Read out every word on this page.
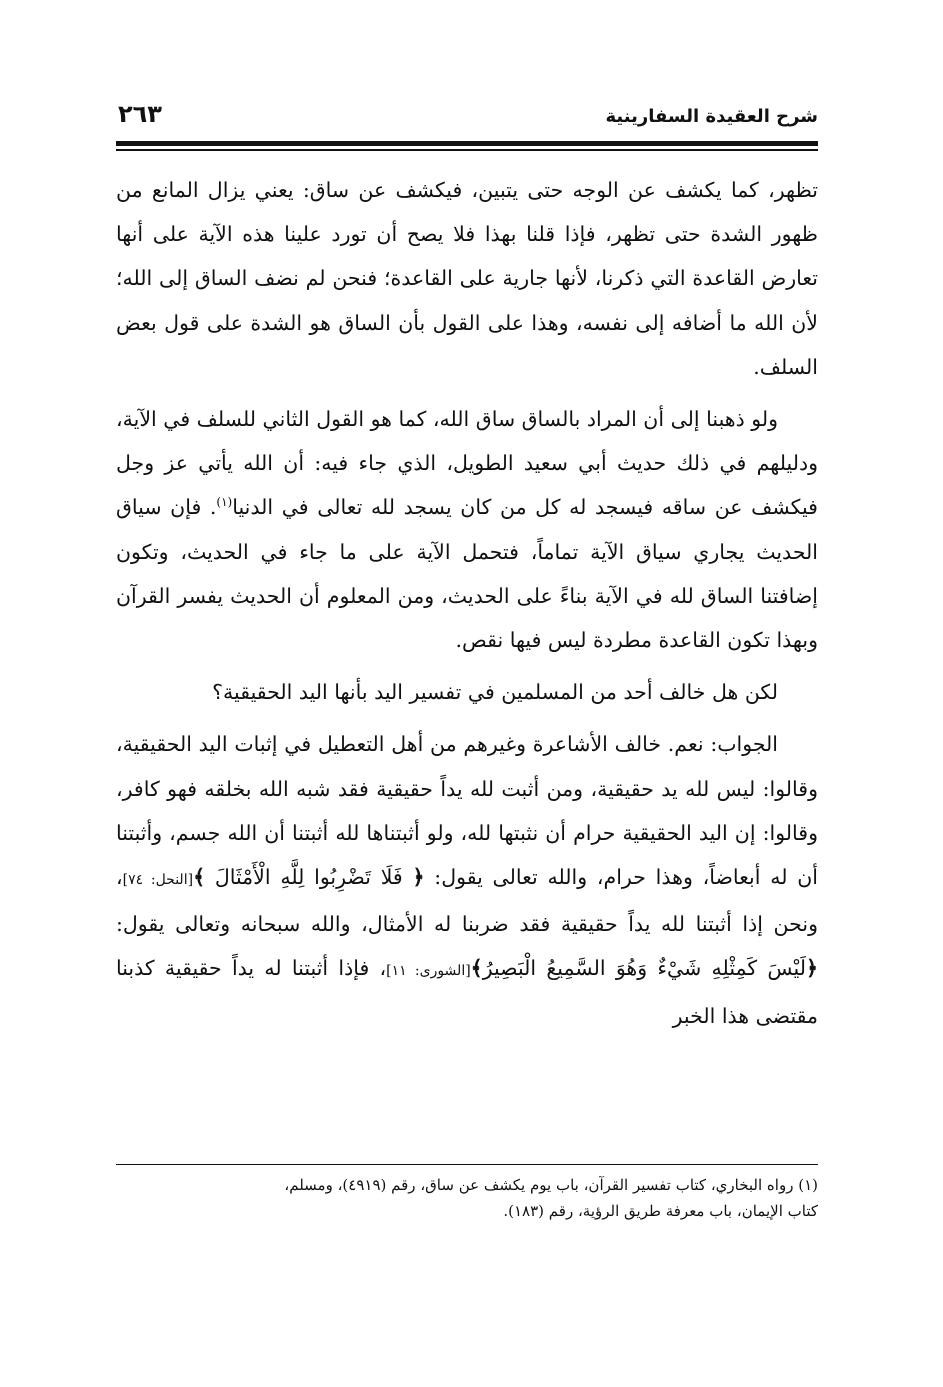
شرح العقيدة السفارينية
٢٦٣

تظهر، كما يكشف عن الوجه حتى يتبين، فيكشف عن ساق: يعني يزال المانع من ظهور الشدة حتى تظهر، فإذا قلنا بهذا فلا يصح أن تورد علينا هذه الآية على أنها تعارض القاعدة التي ذكرنا، لأنها جارية على القاعدة؛ فنحن لم نضف الساق إلى الله؛ لأن الله ما أضافه إلى نفسه، وهذا على القول بأن الساق هو الشدة على قول بعض السلف.

ولو ذهبنا إلى أن المراد بالساق ساق الله، كما هو القول الثاني للسلف في الآية، ودليلهم في ذلك حديث أبي سعيد الطويل، الذي جاء فيه: أن الله يأتي عز وجل فيكشف عن ساقه فيسجد له كل من كان يسجد لله تعالى في الدنيا$^{(١)}$. فإن سياق الحديث يجاري سياق الآية تماماً، فتحمل الآية على ما جاء في الحديث، وتكون إضافتنا الساق لله في الآية بناءً على الحديث، ومن المعلوم أن الحديث يفسر القرآن وبهذا تكون القاعدة مطردة ليس فيها نقص.

لكن هل خالف أحد من المسلمين في تفسير اليد بأنها اليد الحقيقية؟

الجواب: نعم. خالف الأشاعرة وغيرهم من أهل التعطيل في إثبات اليد الحقيقية، وقالوا: ليس لله يد حقيقية، ومن أثبت لله يداً حقيقية فقد شبه الله بخلقه فهو كافر، وقالوا: إن اليد الحقيقية حرام أن نثبتها لله، ولو أثبتناها لله أثبتنا أن الله جسم، وأثبتنا أن له أبعاضاً، وهذا حرام، والله تعالى يقول: ﴿ فَلَا تَضْرِبُوا لِلَّهِ الْأَمْثَالَ ﴾[النحل: ٧٤]، ونحن إذا أثبتنا لله يداً حقيقية فقد ضربنا له الأمثال، والله سبحانه وتعالى يقول: ﴿لَيْسَ كَمِثْلِهِ شَيْءٌ وَهُوَ السَّمِيعُ الْبَصِيرُ﴾[الشورى: ١١]، فإذا أثبتنا له يداً حقيقية كذبنا مقتضى هذا الخبر

(١) رواه البخاري، كتاب تفسير القرآن، باب يوم يكشف عن ساق، رقم (٤٩١٩)، ومسلم،

كتاب الإيمان، باب معرفة طريق الرؤية، رقم (١٨٣).
